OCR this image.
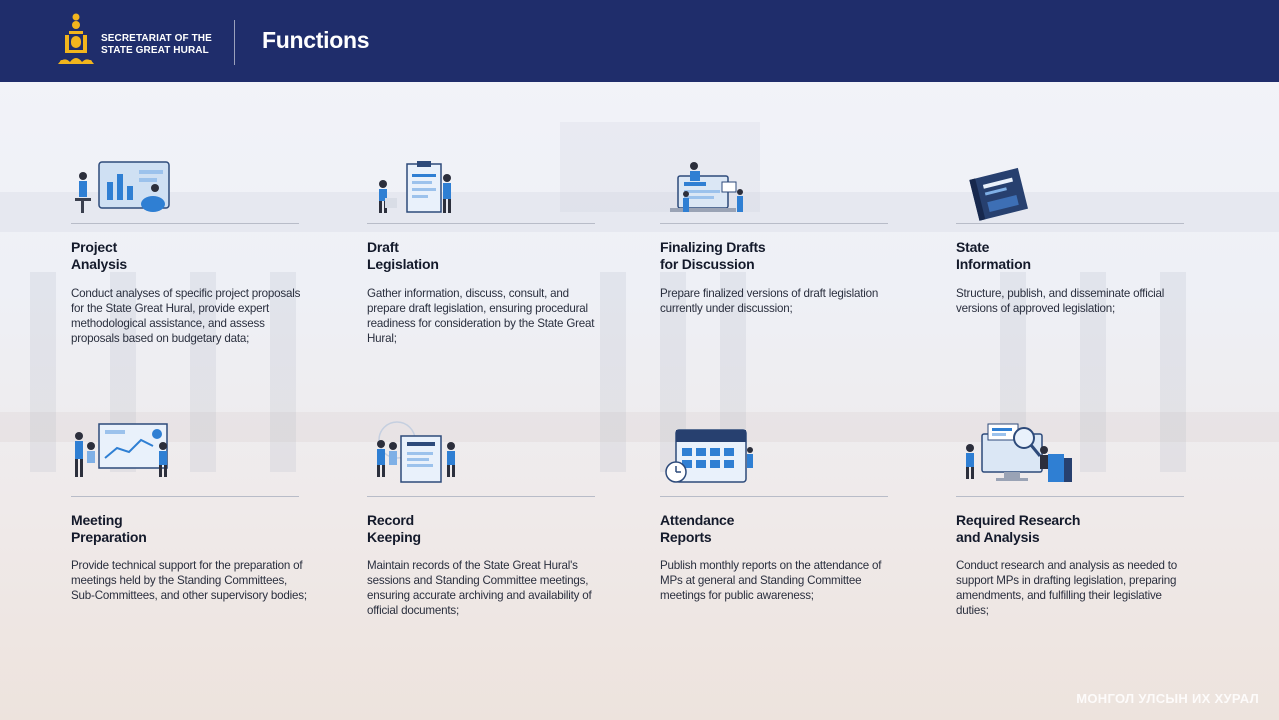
SECRETARIAT OF THE
STATE GREAT HURAL Functions
Project
Analysis

Conduct analyses of specific project proposals for the State Great Hural, provide expert methodological assistance, and assess proposals based on budgetary data;

Draft
Legislation

Gather information, discuss, consult, and prepare draft legislation, ensuring procedural readiness for consideration by the State Great Hural;

Finalizing Drafts
for Discussion

Prepare finalized versions of draft legislation currently under discussion;

State
Information

Structure, publish, and disseminate official versions of approved legislation;

Meeting
Preparation

Provide technical support for the preparation of meetings held by the Standing Committees, Sub-Committees, and other supervisory bodies;

Record
Keeping

Maintain records of the State Great Hural's sessions and Standing Committee meetings, ensuring accurate archiving and availability of official documents;

Attendance
Reports

Publish monthly reports on the attendance of MPs at general and Standing Committee meetings for public awareness;

Required Research
and Analysis

Conduct research and analysis as needed to support MPs in drafting legislation, preparing amendments, and fulfilling their legislative duties;

МОНГОЛ УЛСЫН ИХ ХУРАЛ
